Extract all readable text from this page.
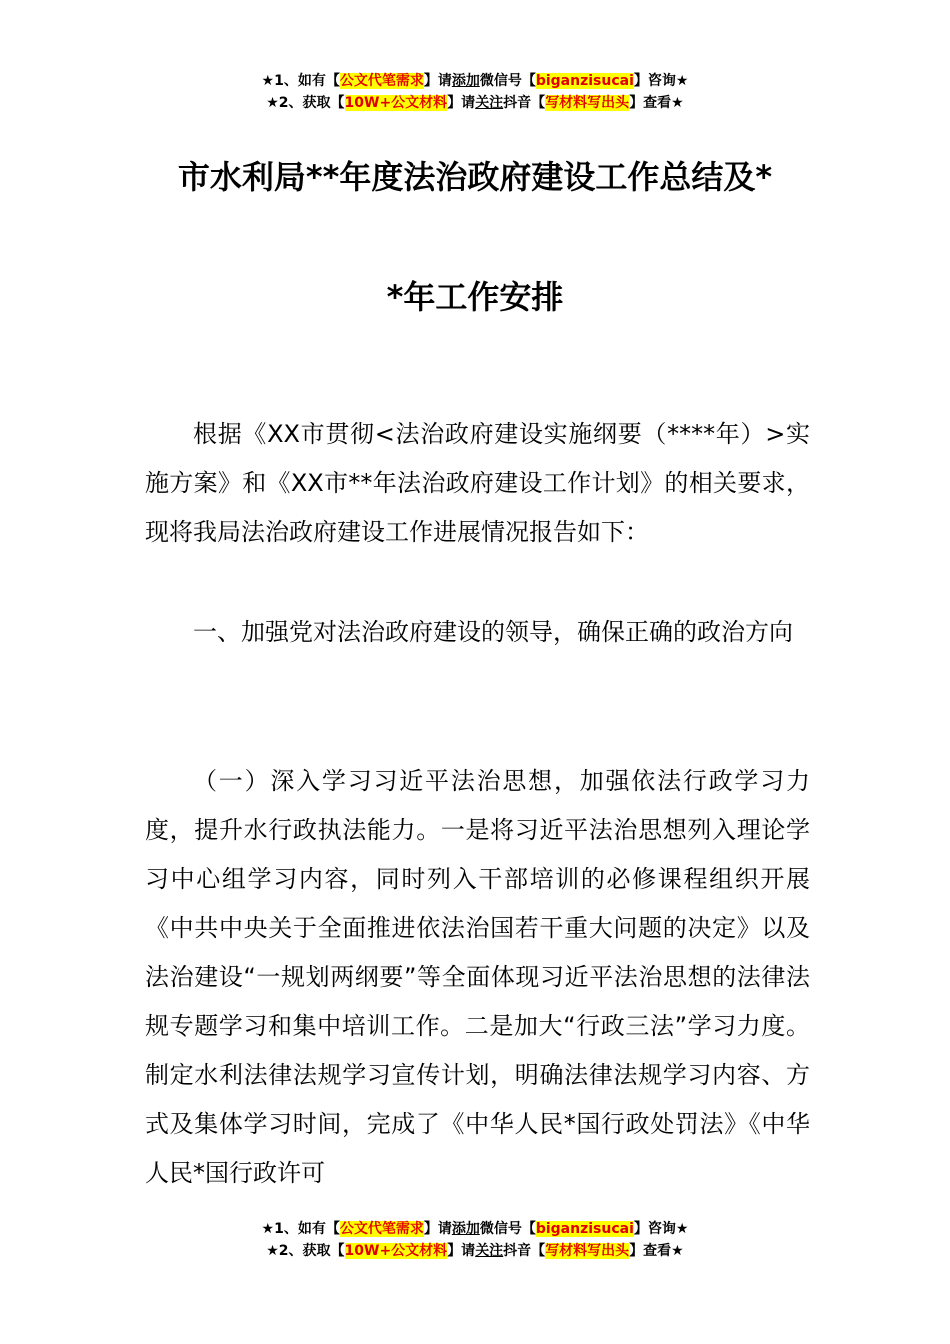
★1、如有【公文代笔需求】请添加微信号【biganzisucai】咨询★
★2、获取【10W+公文材料】请关注抖音【写材料写出头】查看★
市水利局**年度法治政府建设工作总结及*
*年工作安排

根据《XX市贯彻<法治政府建设实施纲要（****年）>实施方案》和《XX市**年法治政府建设工作计划》的相关要求，现将我局法治政府建设工作进展情况报告如下：

一、加强党对法治政府建设的领导，确保正确的政治方向

（一）深入学习习近平法治思想，加强依法行政学习力度，提升水行政执法能力。一是将习近平法治思想列入理论学习中心组学习内容，同时列入干部培训的必修课程组织开展《中共中央关于全面推进依法治国若干重大问题的决定》以及法治建设“一规划两纲要”等全面体现习近平法治思想的法律法规专题学习和集中培训工作。二是加大“行政三法”学习力度。制定水利法律法规学习宣传计划，明确法律法规学习内容、方式及集体学习时间，完成了《中华人民*国行政处罚法》《中华人民*国行政许可

★1、如有【公文代笔需求】请添加微信号【biganzisucai】咨询★
★2、获取【10W+公文材料】请关注抖音【写材料写出头】查看★
